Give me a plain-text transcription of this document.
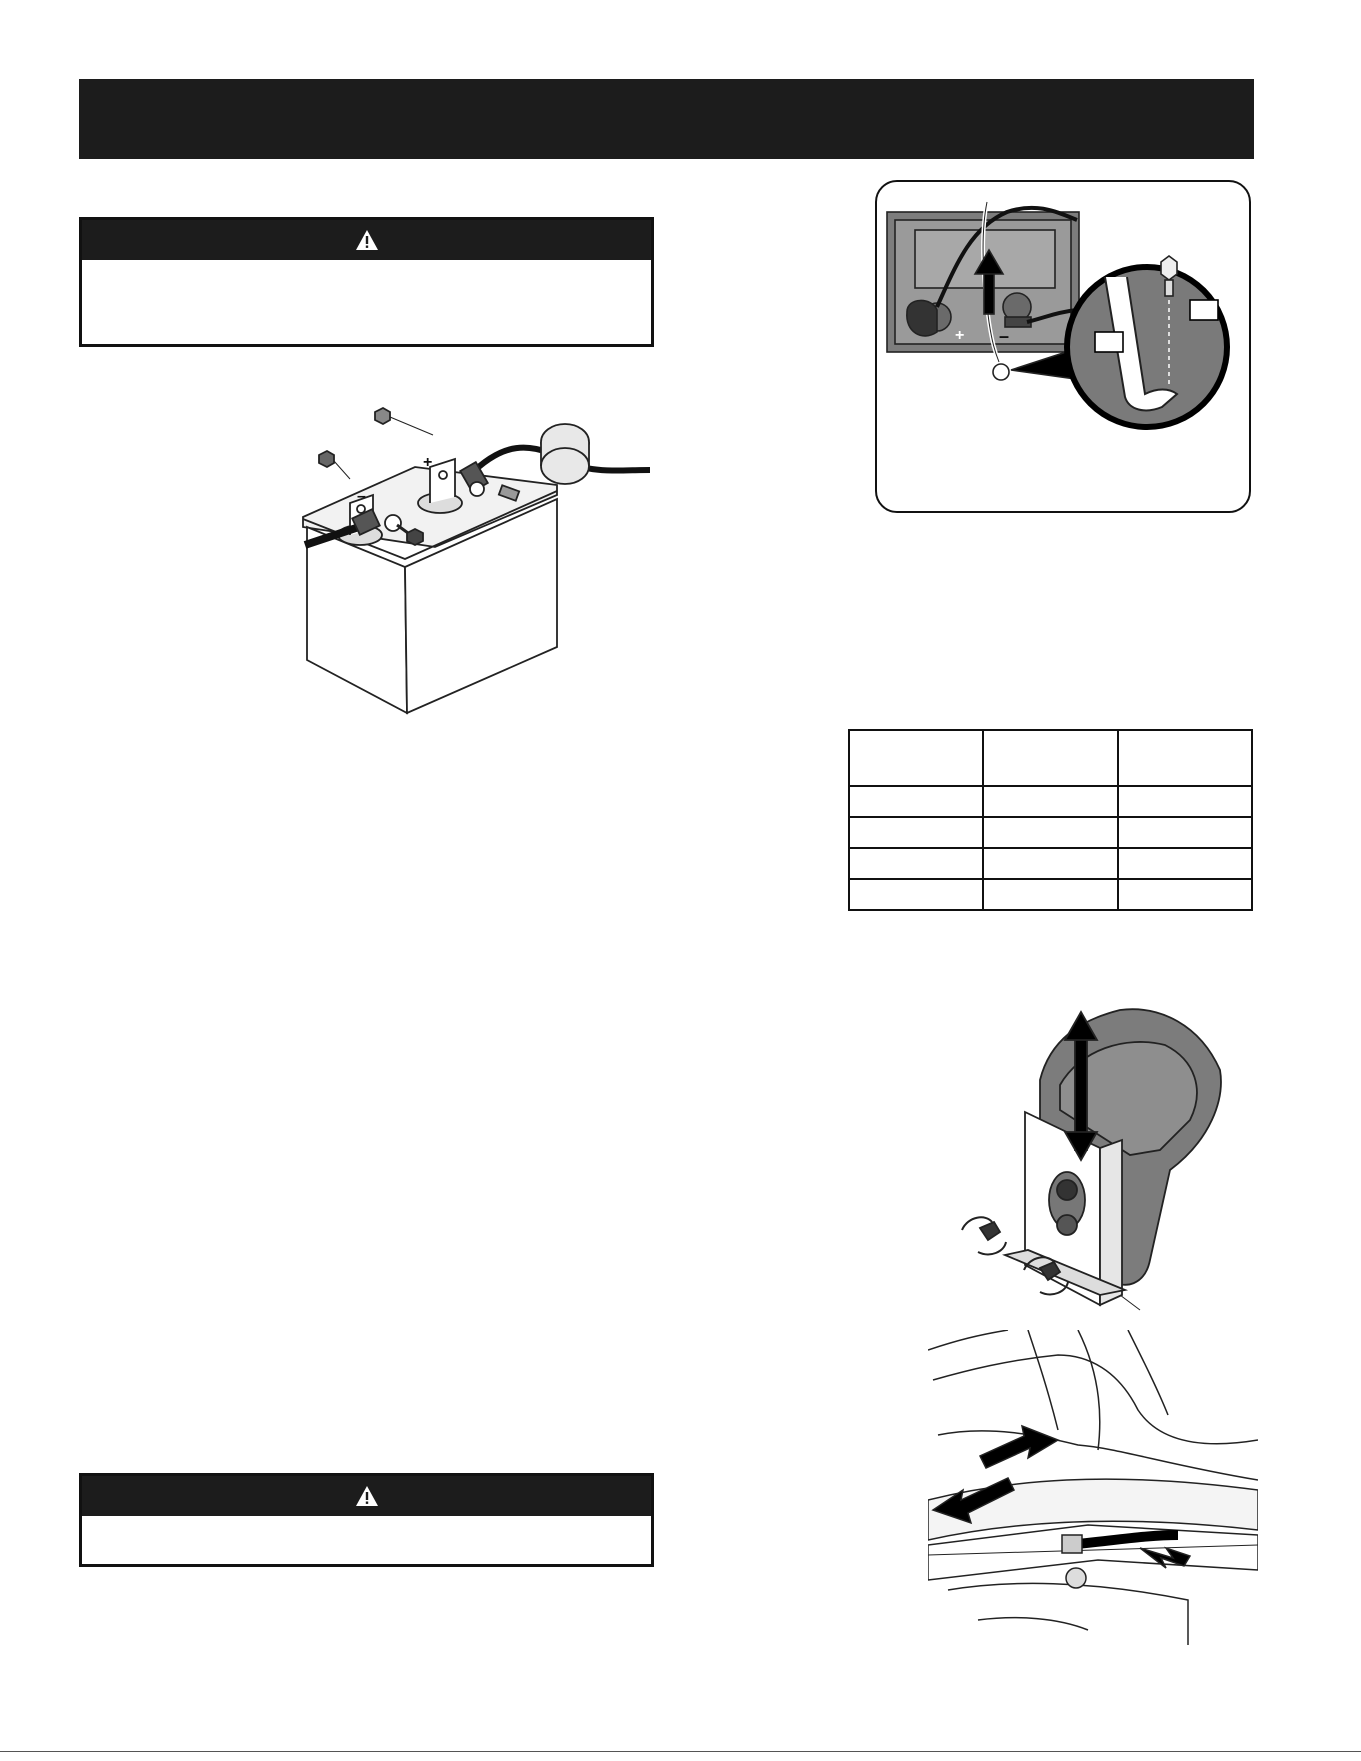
+
–
+ –
